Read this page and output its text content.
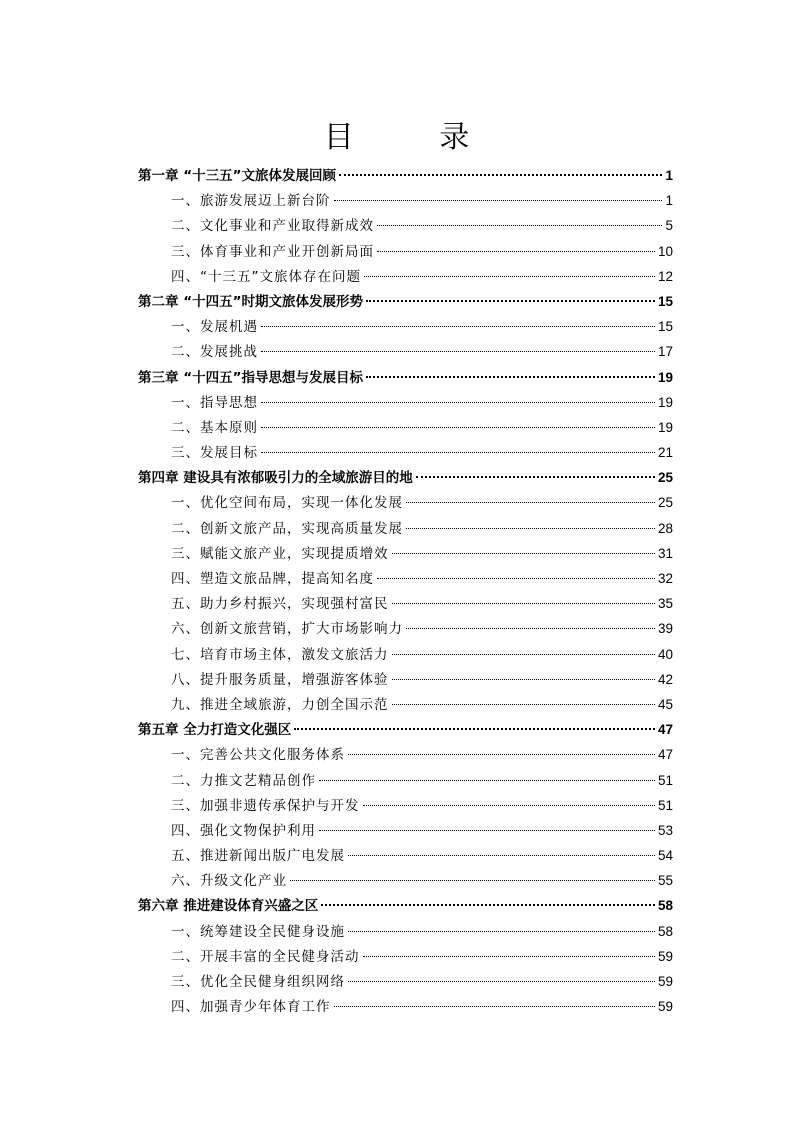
目 录
第一章 “十三五”文旅体发展回顾	1
一、旅游发展迈上新台阶	1
二、文化事业和产业取得新成效	5
三、体育事业和产业开创新局面	10
四、“十三五”文旅体存在问题	12
第二章 “十四五”时期文旅体发展形势	15
一、发展机遇	15
二、发展挑战	17
第三章 “十四五”指导思想与发展目标	19
一、指导思想	19
二、基本原则	19
三、发展目标	21
第四章 建设具有浓郁吸引力的全域旅游目的地	25
一、优化空间布局，实现一体化发展	25
二、创新文旅产品，实现高质量发展	28
三、赋能文旅产业，实现提质增效	31
四、塑造文旅品牌，提高知名度	32
五、助力乡村振兴，实现强村富民	35
六、创新文旅营销，扩大市场影响力	39
七、培育市场主体，激发文旅活力	40
八、提升服务质量，增强游客体验	42
九、推进全域旅游，力创全国示范	45
第五章 全力打造文化强区	47
一、完善公共文化服务体系	47
二、力推文艺精品创作	51
三、加强非遗传承保护与开发	51
四、强化文物保护利用	53
五、推进新闻出版广电发展	54
六、升级文化产业	55
第六章 推进建设体育兴盛之区	58
一、统筹建设全民健身设施	58
二、开展丰富的全民健身活动	59
三、优化全民健身组织网络	59
四、加强青少年体育工作	59
